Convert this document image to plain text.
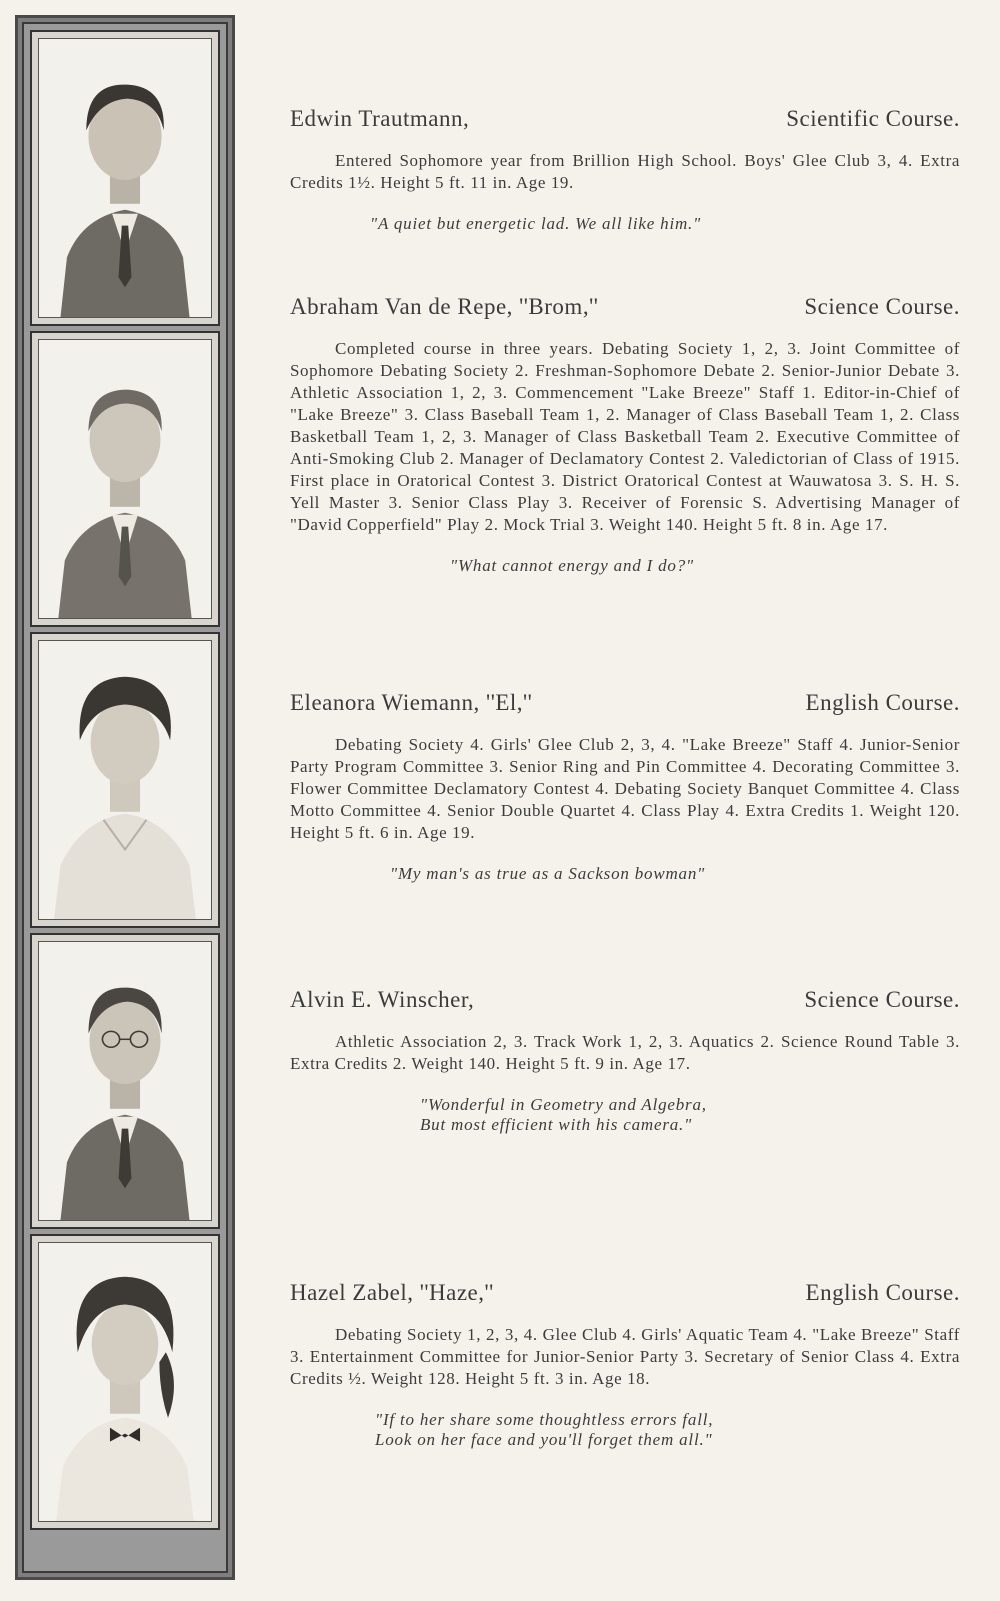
Edwin Trautmann,	Scientific Course.
Entered Sophomore year from Brillion High School. Boys' Glee Club 3, 4. Extra Credits 1½. Height 5 ft. 11 in. Age 19.
"A quiet but energetic lad. We all like him."
Abraham Van de Repe, ''Brom,''	Science Course.
Completed course in three years. Debating Society 1, 2, 3. Joint Committee of Sophomore Debating Society 2. Freshman-Sophomore Debate 2. Senior-Junior Debate 3. Athletic Association 1, 2, 3. Commencement "Lake Breeze" Staff 1. Editor-in-Chief of "Lake Breeze" 3. Class Baseball Team 1, 2. Manager of Class Baseball Team 1, 2. Class Basketball Team 1, 2, 3. Manager of Class Basketball Team 2. Executive Committee of Anti-Smoking Club 2. Manager of Declamatory Contest 2. Valedictorian of Class of 1915. First place in Oratorical Contest 3. District Oratorical Contest at Wauwatosa 3. S. H. S. Yell Master 3. Senior Class Play 3. Receiver of Forensic S. Advertising Manager of "David Copperfield" Play 2. Mock Trial 3. Weight 140. Height 5 ft. 8 in. Age 17.
"What cannot energy and I do?"
Eleanora Wiemann, ''El,''	English Course.
Debating Society 4. Girls' Glee Club 2, 3, 4. "Lake Breeze" Staff 4. Junior-Senior Party Program Committee 3. Senior Ring and Pin Committee 4. Decorating Committee 3. Flower Committee Declamatory Contest 4. Debating Society Banquet Committee 4. Class Motto Committee 4. Senior Double Quartet 4. Class Play 4. Extra Credits 1. Weight 120. Height 5 ft. 6 in. Age 19.
"My man's as true as a Sackson bowman"
Alvin E. Winscher,	Science Course.
Athletic Association 2, 3. Track Work 1, 2, 3. Aquatics 2. Science Round Table 3. Extra Credits 2. Weight 140. Height 5 ft. 9 in. Age 17.
"Wonderful in Geometry and Algebra,
But most efficient with his camera."
Hazel Zabel, ''Haze,''	English Course.
Debating Society 1, 2, 3, 4. Glee Club 4. Girls' Aquatic Team 4. "Lake Breeze" Staff 3. Entertainment Committee for Junior-Senior Party 3. Secretary of Senior Class 4. Extra Credits ½. Weight 128. Height 5 ft. 3 in. Age 18.
"If to her share some thoughtless errors fall,
Look on her face and you'll forget them all."
